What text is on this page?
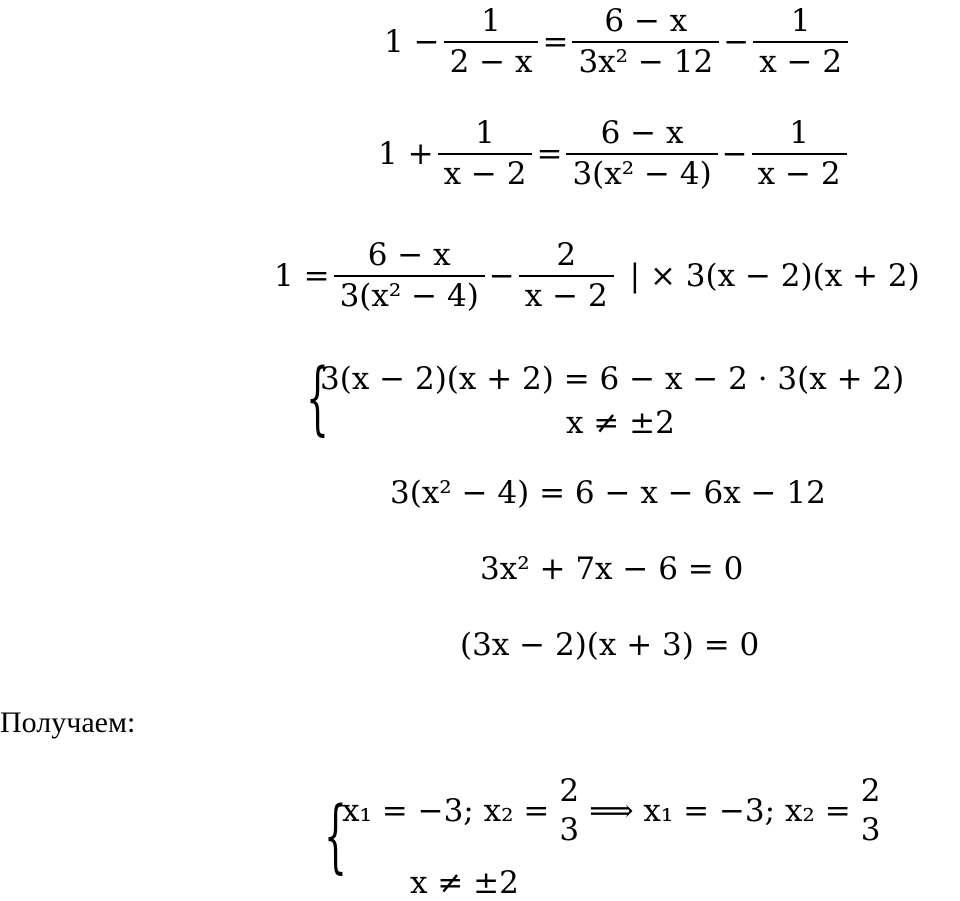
$1 - \frac{1}{2 - x} = \frac{6 - x}{\text{3x² − 12}} - \frac{1}{x - 2}$
$1 + \frac{1}{x - 2} = \frac{6 - x}{\text{3(x² − 4)}} - \frac{1}{x - 2}$
$1 = \frac{6 - x}{\text{3(x² − 4)}} - \frac{2}{x - 2}$ | × 3(x − 2)(x + 2)
{
3(x − 2)(x + 2) = 6 − x − 2 · 3(x + 2)
x ≠ ±2
3(x² − 4) = 6 − x − 6x − 12
3x² + 7x − 6 = 0
(3x − 2)(x + 3) = 0
Получаем:
{
x₁ = −3; x₂ =
2
3
⟹ x₁ = −3; x₂ =
2
3
x ≠ ±2
